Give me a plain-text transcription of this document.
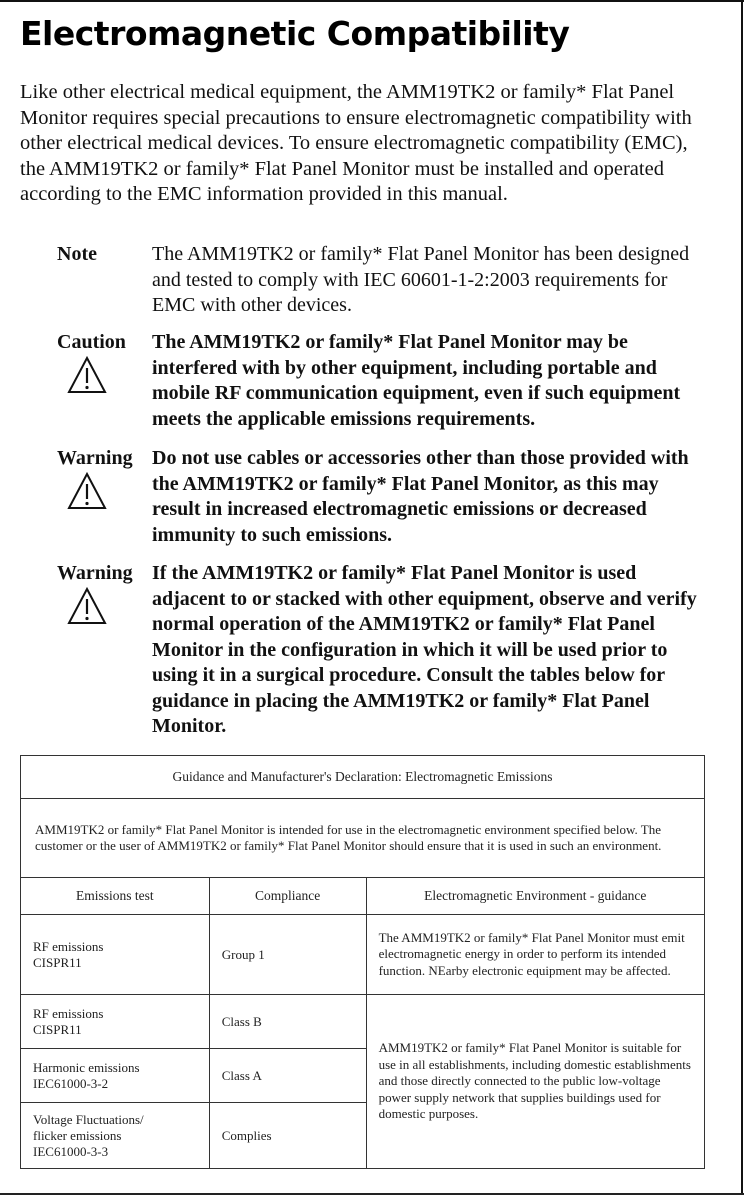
Electromagnetic Compatibility

Like other electrical medical equipment, the AMM19TK2 or family* Flat Panel Monitor requires special precautions to ensure electromagnetic compatibility with other electrical medical devices. To ensure electromagnetic compatibility (EMC), the AMM19TK2 or family* Flat Panel Monitor must be installed and operated according to the EMC information provided in this manual.

Note	The AMM19TK2 or family* Flat Panel Monitor has been designed and tested to comply with IEC 60601-1-2:2003 requirements for EMC with other devices.
Caution The AMM19TK2 or family* Flat Panel Monitor may be interfered with by other equipment, including portable and mobile RF communication equipment, even if such equipment meets the applicable emissions requirements.
Warning Do not use cables or accessories other than those provided with the AMM19TK2 or family* Flat Panel Monitor, as this may result in increased electromagnetic emissions or decreased immunity to such emissions.
Warning If the AMM19TK2 or family* Flat Panel Monitor is used adjacent to or stacked with other equipment, observe and verify normal operation of the AMM19TK2 or family* Flat Panel Monitor in the configuration in which it will be used prior to using it in a surgical procedure. Consult the tables below for guidance in placing the AMM19TK2 or family* Flat Panel Monitor.
Guidance and Manufacturer's Declaration: Electromagnetic Emissions		
AMM19TK2 or family* Flat Panel Monitor is intended for use in the electromagnetic environment specified below. The customer or the user of AMM19TK2 or family* Flat Panel Monitor should ensure that it is used in such an environment.		
Emissions test	Compliance	Electromagnetic Environment - guidance

RF emissions
CISPR11	Group 1	The AMM19TK2 or family* Flat Panel Monitor must emit electromagnetic energy in order to perform its intended function. NEarby electronic equipment may be affected.

RF emissions
CISPR11	Class B	AMM19TK2 or family* Flat Panel Monitor is suitable for use in all establishments, including domestic establishments and those directly connected to the public low-voltage power supply network that supplies buildings used for domestic purposes.

Harmonic emissions
IEC61000-3-2	Class A	

Voltage Fluctuations/
flicker emissions
IEC61000-3-3	Complies	
